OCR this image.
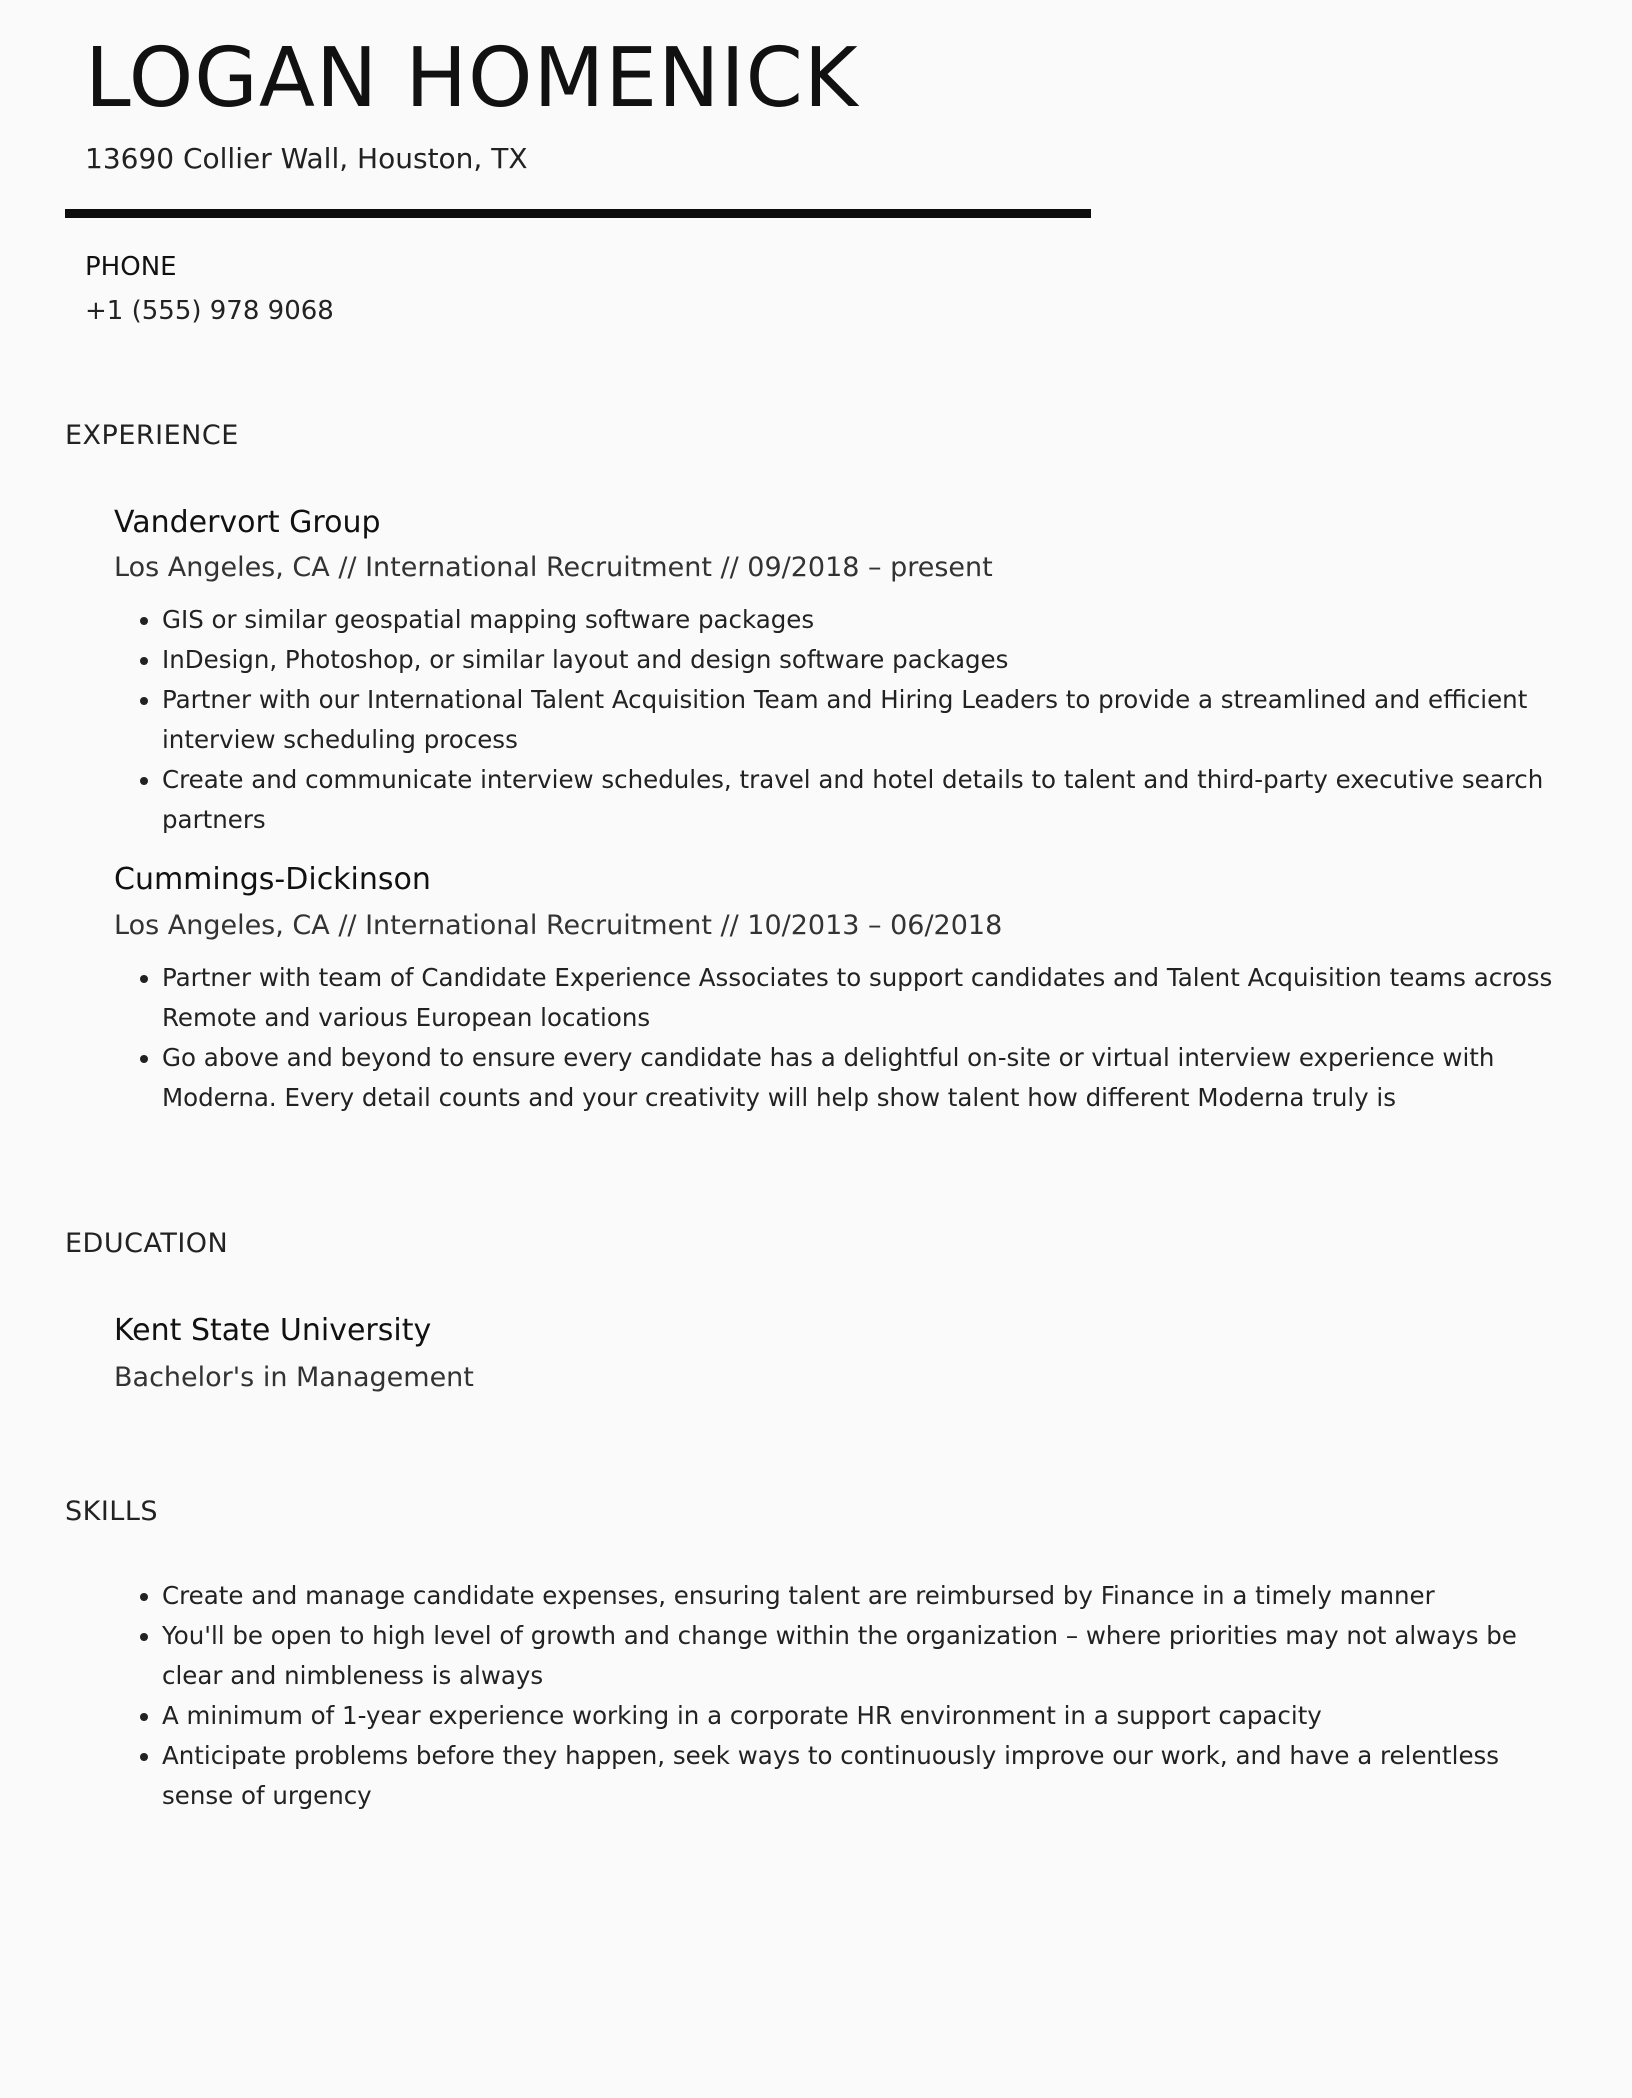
LOGAN HOMENICK
13690 Collier Wall, Houston, TX
PHONE
+1 (555) 978 9068
EXPERIENCE
Vandervort Group
Los Angeles, CA // International Recruitment // 09/2018 – present
• GIS or similar geospatial mapping software packages
• InDesign, Photoshop, or similar layout and design software packages
• Partner with our International Talent Acquisition Team and Hiring Leaders to provide a streamlined and efficient interview scheduling process
• Create and communicate interview schedules, travel and hotel details to talent and third-party executive search partners
Cummings-Dickinson
Los Angeles, CA // International Recruitment // 10/2013 – 06/2018
• Partner with team of Candidate Experience Associates to support candidates and Talent Acquisition teams across Remote and various European locations
• Go above and beyond to ensure every candidate has a delightful on-site or virtual interview experience with Moderna. Every detail counts and your creativity will help show talent how different Moderna truly is
EDUCATION
Kent State University
Bachelor's in Management
SKILLS
• Create and manage candidate expenses, ensuring talent are reimbursed by Finance in a timely manner
• You'll be open to high level of growth and change within the organization – where priorities may not always be clear and nimbleness is always
• A minimum of 1-year experience working in a corporate HR environment in a support capacity
• Anticipate problems before they happen, seek ways to continuously improve our work, and have a relentless sense of urgency
